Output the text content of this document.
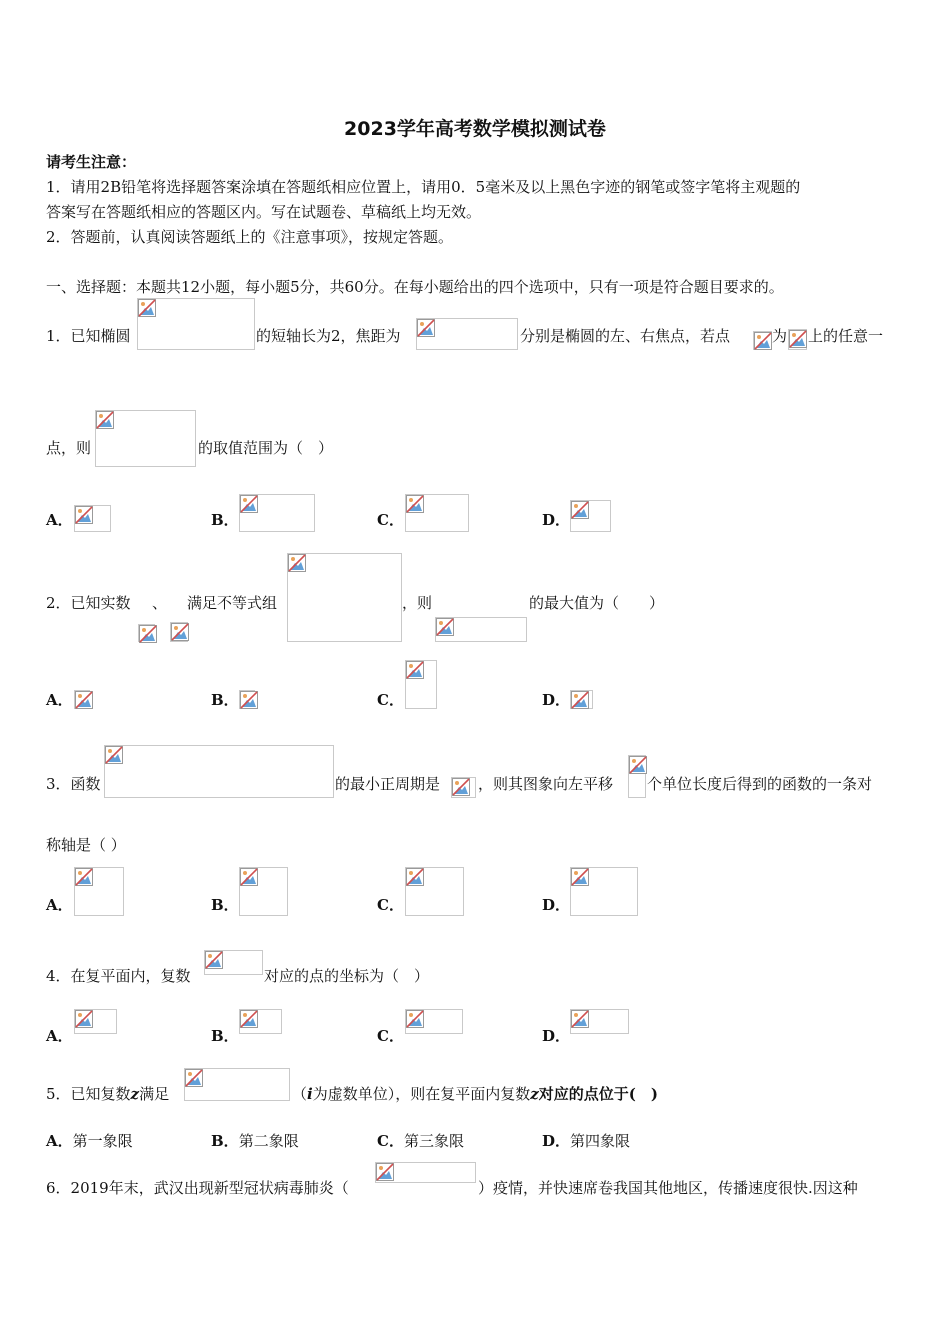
2023学年高考数学模拟测试卷
请考生注意：
1．请用2B铅笔将选择题答案涂填在答题纸相应位置上，请用0．5毫米及以上黑色字迹的钢笔或签字笔将主观题的
答案写在答题纸相应的答题区内。写在试题卷、草稿纸上均无效。
2．答题前，认真阅读答题纸上的《注意事项》，按规定答题。
一、选择题：本题共12小题，每小题5分，共60分。在每小题给出的四个选项中，只有一项是符合题目要求的。
1．已知椭圆	的短轴长为2，焦距为	分别是椭圆的左、右焦点，若点	为 上的任意一
点，则	的取值范围为（　）
A．	B．	C．	D．
2．已知实数 、 满足不等式组	，则	的最大值为（　　）
A．	B．	C．	D．
3．函数	的最小正周期是	，则其图象向左平移 个单位长度后得到的函数的一条对
称轴是（ ）
A．	B．	C．	D．
4．在复平面内，复数	对应的点的坐标为（　）
A．	B．	C．	D．
5．已知复数z满足	（i为虚数单位），则在复平面内复数z对应的点位于(　)
A．第一象限	B．第二象限	C．第三象限	D．第四象限
6．2019年末，武汉出现新型冠状病毒肺炎（	）疫情，并快速席卷我国其他地区，传播速度很快.因这种
